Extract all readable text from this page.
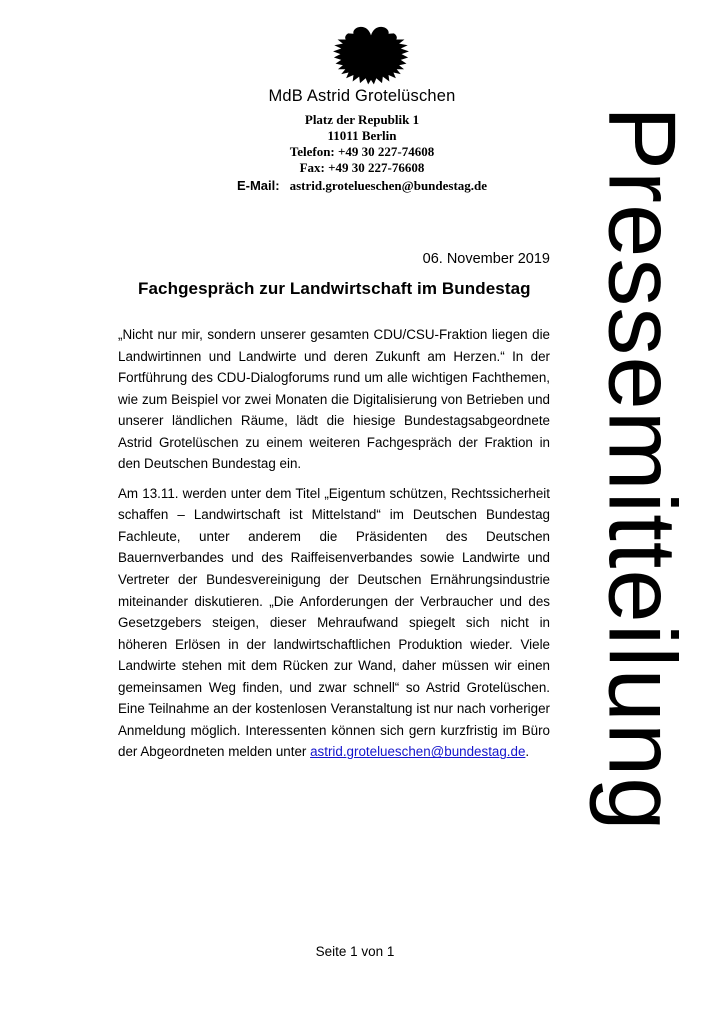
MdB Astrid Grotelüschen
Platz der Republik 1
11011 Berlin
Telefon: +49 30 227-74608
Fax: +49 30 227-76608
E-Mail: astrid.grotelueschen@bundestag.de	Pressemitteilung
06. November 2019
Fachgespräch zur Landwirtschaft im Bundestag

„Nicht nur mir, sondern unserer gesamten CDU/CSU-Fraktion liegen die Landwirtinnen und Landwirte und deren Zukunft am Herzen.“ In der Fortführung des CDU-Dialogforums rund um alle wichtigen Fachthemen, wie zum Beispiel vor zwei Monaten die Digitalisierung von Betrieben und unserer ländlichen Räume, lädt die hiesige Bundestagsabgeordnete Astrid Grotelüschen zu einem weiteren Fachgespräch der Fraktion in den Deutschen Bundestag ein.

Am 13.11. werden unter dem Titel „Eigentum schützen, Rechtssicherheit schaffen – Landwirtschaft ist Mittelstand“ im Deutschen Bundestag Fachleute, unter anderem die Präsidenten des Deutschen Bauernverbandes und des Raiffeisenverbandes sowie Landwirte und Vertreter der Bundesvereinigung der Deutschen Ernährungsindustrie miteinander diskutieren. „Die Anforderungen der Verbraucher und des Gesetzgebers steigen, dieser Mehraufwand spiegelt sich nicht in höheren Erlösen in der landwirtschaftlichen Produktion wieder. Viele Landwirte stehen mit dem Rücken zur Wand, daher müssen wir einen gemeinsamen Weg finden, und zwar schnell“ so Astrid Grotelüschen. Eine Teilnahme an der kostenlosen Veranstaltung ist nur nach vorheriger Anmeldung möglich. Interessenten können sich gern kurzfristig im Büro der Abgeordneten melden unter astrid.grotelueschen@bundestag.de.

Seite 1 von 1
